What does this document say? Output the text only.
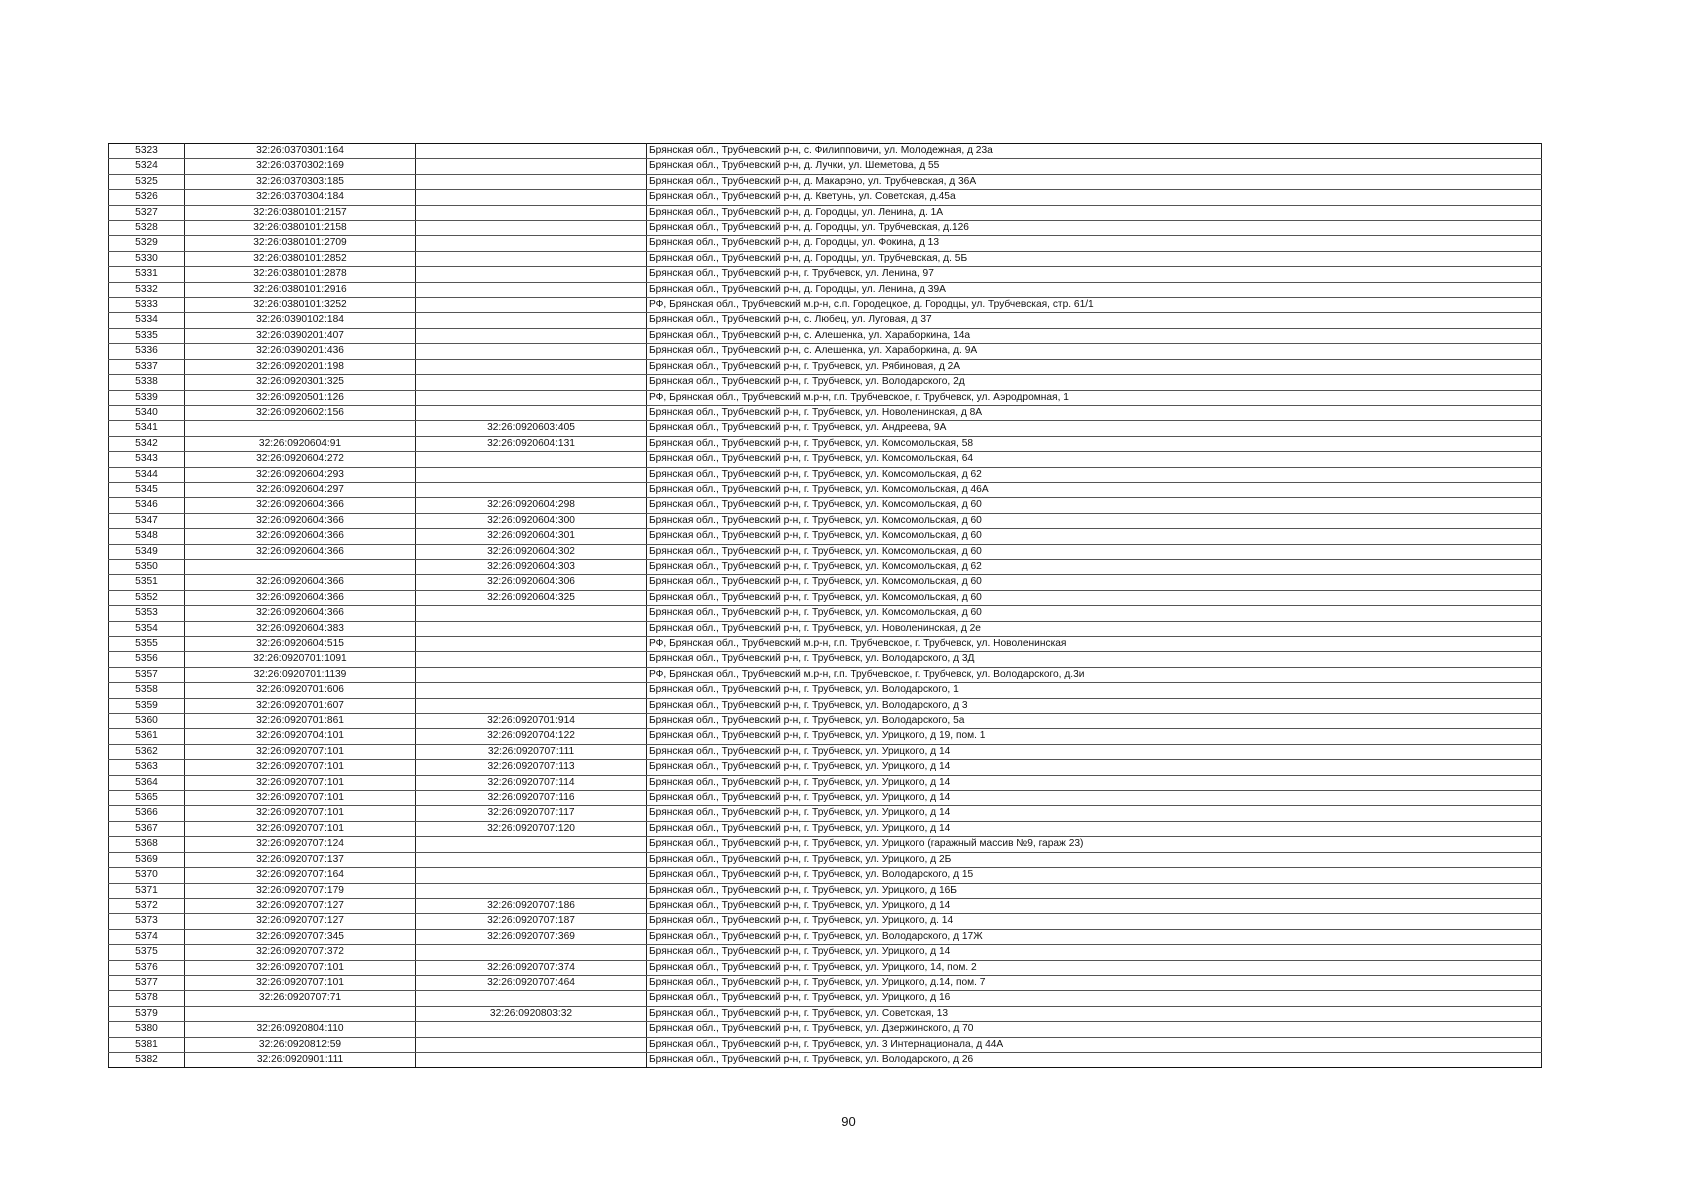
5323	32:26:0370301:164		Брянская обл., Трубчевский р-н, с. Филипповичи, ул. Молодежная, д 23а
5324	32:26:0370302:169		Брянская обл., Трубчевский р-н, д. Лучки, ул. Шеметова, д 55
5325	32:26:0370303:185		Брянская обл., Трубчевский р-н, д. Макарэно, ул. Трубчевская, д 36А
5326	32:26:0370304:184		Брянская обл., Трубчевский р-н, д. Кветунь, ул. Советская, д.45а
5327	32:26:0380101:2157		Брянская обл., Трубчевский р-н, д. Городцы, ул. Ленина, д. 1А
5328	32:26:0380101:2158		Брянская обл., Трубчевский р-н, д. Городцы, ул. Трубчевская, д.126
5329	32:26:0380101:2709		Брянская обл., Трубчевский р-н, д. Городцы, ул. Фокина, д 13
5330	32:26:0380101:2852		Брянская обл., Трубчевский р-н, д. Городцы, ул. Трубчевская, д. 5Б
5331	32:26:0380101:2878		Брянская обл., Трубчевский р-н, г. Трубчевск, ул. Ленина, 97
5332	32:26:0380101:2916		Брянская обл., Трубчевский р-н, д. Городцы, ул. Ленина, д 39А
5333	32:26:0380101:3252		РФ, Брянская обл., Трубчевский м.р-н, с.п. Городецкое, д. Городцы, ул. Трубчевская, стр. 61/1
5334	32:26:0390102:184		Брянская обл., Трубчевский р-н, с. Любец, ул. Луговая, д 37
5335	32:26:0390201:407		Брянская обл., Трубчевский р-н, с. Алешенка, ул. Хараборкина, 14а
5336	32:26:0390201:436		Брянская обл., Трубчевский р-н, с. Алешенка, ул. Хараборкина, д. 9А
5337	32:26:0920201:198		Брянская обл., Трубчевский р-н, г. Трубчевск, ул. Рябиновая, д 2А
5338	32:26:0920301:325		Брянская обл., Трубчевский р-н, г. Трубчевск, ул. Володарского, 2д
5339	32:26:0920501:126		РФ, Брянская обл., Трубчевский м.р-н, г.п. Трубчевское, г. Трубчевск, ул. Аэродромная, 1
5340	32:26:0920602:156		Брянская обл., Трубчевский р-н, г. Трубчевск, ул. Новоленинская, д 8А
5341		32:26:0920603:405	Брянская обл., Трубчевский р-н, г. Трубчевск, ул. Андреева, 9А
5342	32:26:0920604:91	32:26:0920604:131	Брянская обл., Трубчевский р-н, г. Трубчевск, ул. Комсомольская, 58
5343	32:26:0920604:272		Брянская обл., Трубчевский р-н, г. Трубчевск, ул. Комсомольская, 64
5344	32:26:0920604:293		Брянская обл., Трубчевский р-н, г. Трубчевск, ул. Комсомольская, д 62
5345	32:26:0920604:297		Брянская обл., Трубчевский р-н, г. Трубчевск, ул. Комсомольская, д 46А
5346	32:26:0920604:366	32:26:0920604:298	Брянская обл., Трубчевский р-н, г. Трубчевск, ул. Комсомольская, д 60
5347	32:26:0920604:366	32:26:0920604:300	Брянская обл., Трубчевский р-н, г. Трубчевск, ул. Комсомольская, д 60
5348	32:26:0920604:366	32:26:0920604:301	Брянская обл., Трубчевский р-н, г. Трубчевск, ул. Комсомольская, д 60
5349	32:26:0920604:366	32:26:0920604:302	Брянская обл., Трубчевский р-н, г. Трубчевск, ул. Комсомольская, д 60
5350		32:26:0920604:303	Брянская обл., Трубчевский р-н, г. Трубчевск, ул. Комсомольская, д 62
5351	32:26:0920604:366	32:26:0920604:306	Брянская обл., Трубчевский р-н, г. Трубчевск, ул. Комсомольская, д 60
5352	32:26:0920604:366	32:26:0920604:325	Брянская обл., Трубчевский р-н, г. Трубчевск, ул. Комсомольская, д 60
5353	32:26:0920604:366		Брянская обл., Трубчевский р-н, г. Трубчевск, ул. Комсомольская, д 60
5354	32:26:0920604:383		Брянская обл., Трубчевский р-н, г. Трубчевск, ул. Новоленинская, д 2е
5355	32:26:0920604:515		РФ, Брянская обл., Трубчевский м.р-н, г.п. Трубчевское, г. Трубчевск, ул. Новоленинская
5356	32:26:0920701:1091		Брянская обл., Трубчевский р-н, г. Трубчевск, ул. Володарского, д 3Д
5357	32:26:0920701:1139		РФ, Брянская обл., Трубчевский м.р-н, г.п. Трубчевское, г. Трубчевск, ул. Володарского, д.3и
5358	32:26:0920701:606		Брянская обл., Трубчевский р-н, г. Трубчевск, ул. Володарского, 1
5359	32:26:0920701:607		Брянская обл., Трубчевский р-н, г. Трубчевск, ул. Володарского, д 3
5360	32:26:0920701:861	32:26:0920701:914	Брянская обл., Трубчевский р-н, г. Трубчевск, ул. Володарского, 5а
5361	32:26:0920704:101	32:26:0920704:122	Брянская обл., Трубчевский р-н, г. Трубчевск, ул. Урицкого, д 19, пом. 1
5362	32:26:0920707:101	32:26:0920707:111	Брянская обл., Трубчевский р-н, г. Трубчевск, ул. Урицкого, д 14
5363	32:26:0920707:101	32:26:0920707:113	Брянская обл., Трубчевский р-н, г. Трубчевск, ул. Урицкого, д 14
5364	32:26:0920707:101	32:26:0920707:114	Брянская обл., Трубчевский р-н, г. Трубчевск, ул. Урицкого, д 14
5365	32:26:0920707:101	32:26:0920707:116	Брянская обл., Трубчевский р-н, г. Трубчевск, ул. Урицкого, д 14
5366	32:26:0920707:101	32:26:0920707:117	Брянская обл., Трубчевский р-н, г. Трубчевск, ул. Урицкого, д 14
5367	32:26:0920707:101	32:26:0920707:120	Брянская обл., Трубчевский р-н, г. Трубчевск, ул. Урицкого, д 14
5368	32:26:0920707:124		Брянская обл., Трубчевский р-н, г. Трубчевск, ул. Урицкого (гаражный массив №9, гараж 23)
5369	32:26:0920707:137		Брянская обл., Трубчевский р-н, г. Трубчевск, ул. Урицкого, д 2Б
5370	32:26:0920707:164		Брянская обл., Трубчевский р-н, г. Трубчевск, ул. Володарского, д 15
5371	32:26:0920707:179		Брянская обл., Трубчевский р-н, г. Трубчевск, ул. Урицкого, д 16Б
5372	32:26:0920707:127	32:26:0920707:186	Брянская обл., Трубчевский р-н, г. Трубчевск, ул. Урицкого, д 14
5373	32:26:0920707:127	32:26:0920707:187	Брянская обл., Трубчевский р-н, г. Трубчевск, ул. Урицкого, д. 14
5374	32:26:0920707:345	32:26:0920707:369	Брянская обл., Трубчевский р-н, г. Трубчевск, ул. Володарского, д 17Ж
5375	32:26:0920707:372		Брянская обл., Трубчевский р-н, г. Трубчевск, ул. Урицкого, д 14
5376	32:26:0920707:101	32:26:0920707:374	Брянская обл., Трубчевский р-н, г. Трубчевск, ул. Урицкого, 14, пом. 2
5377	32:26:0920707:101	32:26:0920707:464	Брянская обл., Трубчевский р-н, г. Трубчевск, ул. Урицкого, д.14, пом. 7
5378	32:26:0920707:71		Брянская обл., Трубчевский р-н, г. Трубчевск, ул. Урицкого, д 16
5379		32:26:0920803:32	Брянская обл., Трубчевский р-н, г. Трубчевск, ул. Советская, 13
5380	32:26:0920804:110		Брянская обл., Трубчевский р-н, г. Трубчевск, ул. Дзержинского, д 70
5381	32:26:0920812:59		Брянская обл., Трубчевский р-н, г. Трубчевск, ул. 3 Интернационала, д 44А
5382	32:26:0920901:111		Брянская обл., Трубчевский р-н, г. Трубчевск, ул. Володарского, д 26
90
